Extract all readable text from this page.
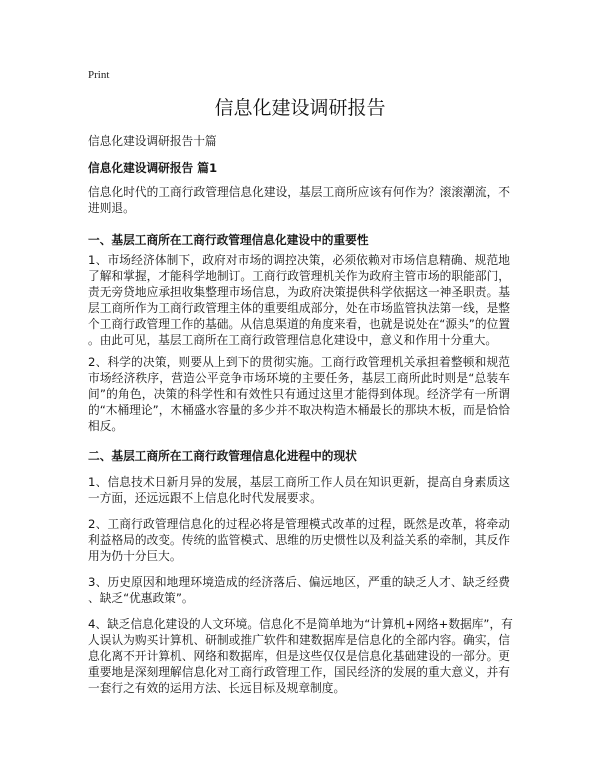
Print
信息化建设调研报告
信息化建设调研报告十篇
信息化建设调研报告 篇1
信息化时代的工商行政管理信息化建设，基层工商所应该有何作为？滚滚潮流，不
进则退。
一、基层工商所在工商行政管理信息化建设中的重要性
1、市场经济体制下，政府对市场的调控决策，必须依赖对市场信息精确、规范地
了解和掌握，才能科学地制订。工商行政管理机关作为政府主管市场的职能部门，
责无旁贷地应承担收集整理市场信息，为政府决策提供科学依据这一神圣职责。基
层工商所作为工商行政管理主体的重要组成部分，处在市场监管执法第一线，是整
个工商行政管理工作的基础。从信息渠道的角度来看，也就是说处在“源头”的位置
。由此可见，基层工商所在工商行政管理信息化建设中，意义和作用十分重大。
2、科学的决策，则要从上到下的贯彻实施。工商行政管理机关承担着整顿和规范
市场经济秩序，营造公平竞争市场环境的主要任务，基层工商所此时则是“总装车
间”的角色，决策的科学性和有效性只有通过这里才能得到体现。经济学有一所谓
的“木桶理论”，木桶盛水容量的多少并不取决构造木桶最长的那块木板，而是恰恰
相反。
二、基层工商所在工商行政管理信息化进程中的现状
1、信息技术日新月异的发展，基层工商所工作人员在知识更新，提高自身素质这
一方面，还远远跟不上信息化时代发展要求。
2、工商行政管理信息化的过程必将是管理模式改革的过程，既然是改革，将牵动
利益格局的改变。传统的监管模式、思维的历史惯性以及利益关系的牵制，其反作
用为仍十分巨大。
3、历史原因和地理环境造成的经济落后、偏远地区，严重的缺乏人才、缺乏经费
、缺乏“优惠政策”。
4、缺乏信息化建设的人文环境。信息化不是简单地为“计算机+网络+数据库”，有
人误认为购买计算机、研制或推广软件和建数据库是信息化的全部内容。确实，信
息化离不开计算机、网络和数据库，但是这些仅仅是信息化基础建设的一部分。更
重要地是深刻理解信息化对工商行政管理工作，国民经济的发展的重大意义，并有
一套行之有效的运用方法、长远目标及规章制度。
